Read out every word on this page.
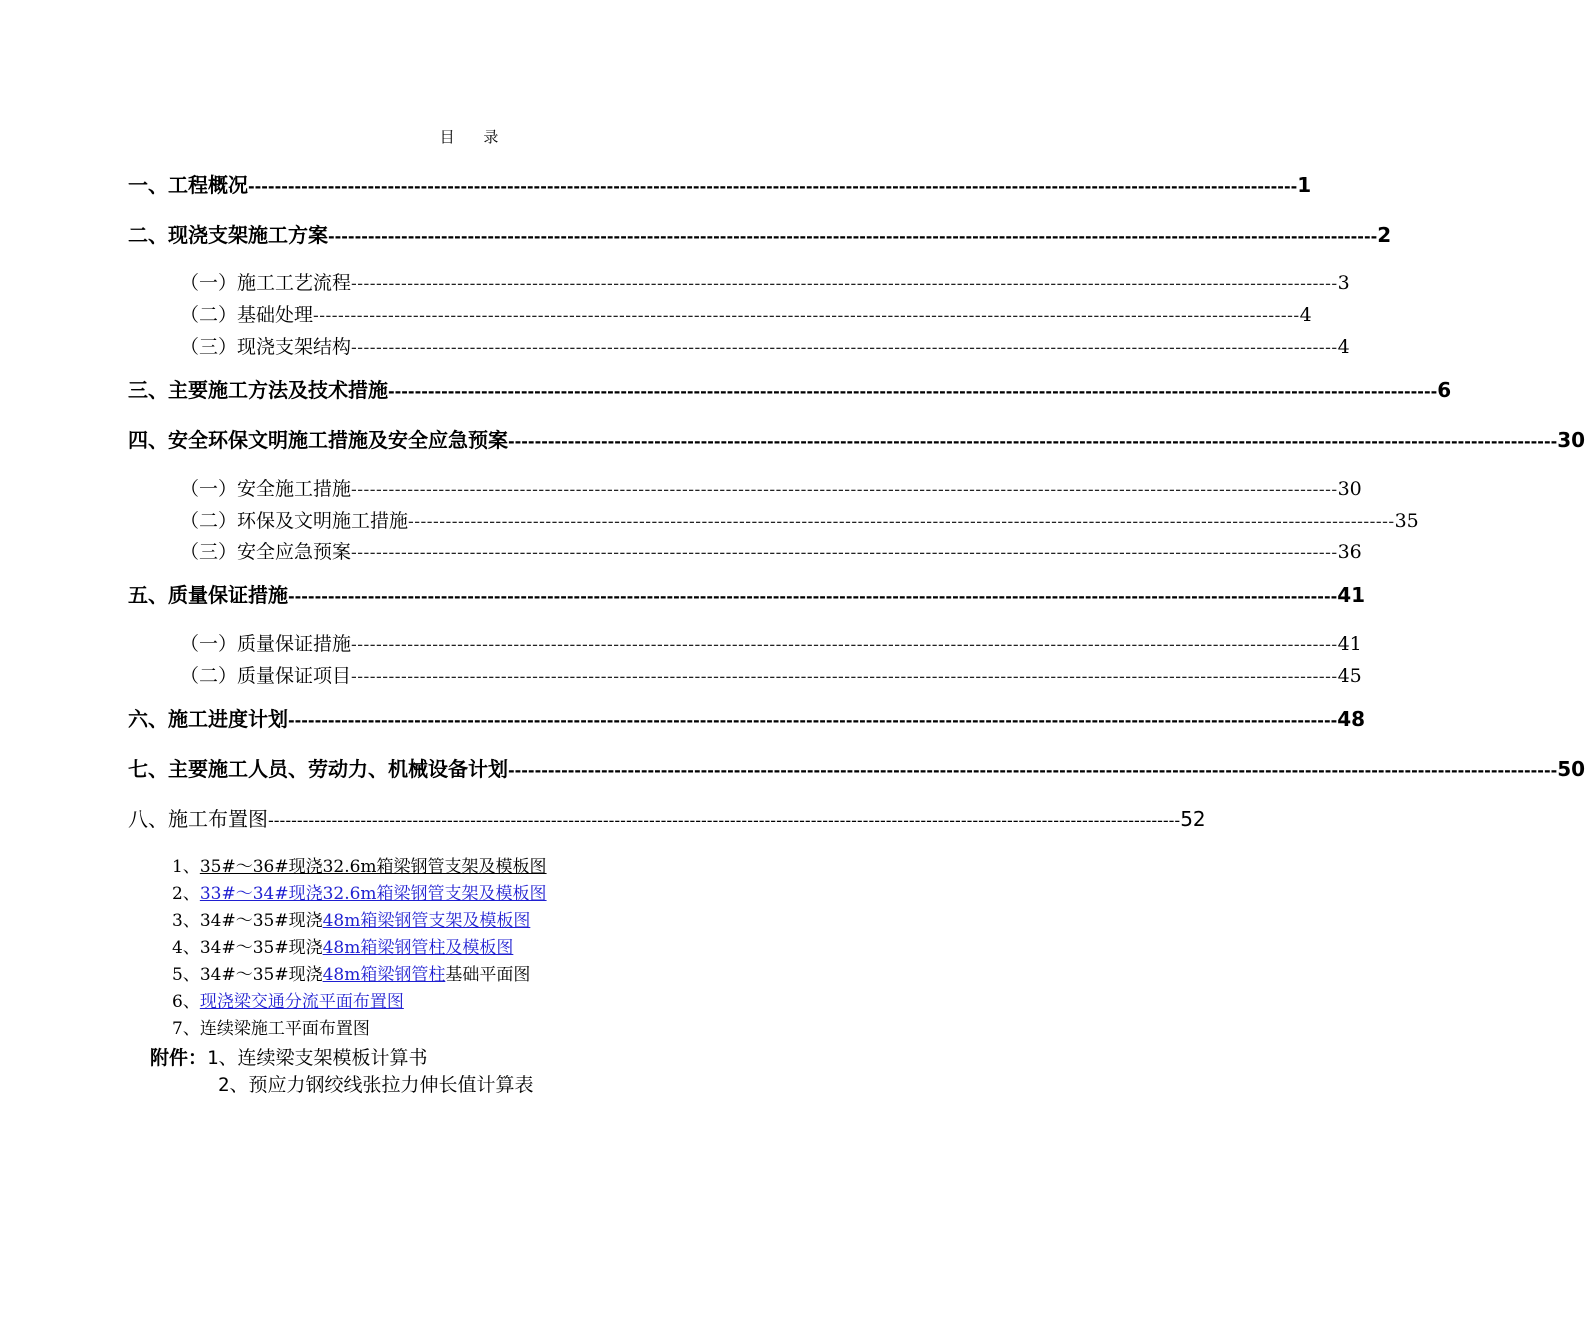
目 录
一、工程概况 -------------------------------------------------------------------------------------------------------------------------------------------------------------- 1
二、现浇支架施工方案 -------------------------------------------------------------------------------------------------------------------------------------------------------------- 2
（一）施工工艺流程 -------------------------------------------------------------------------------------------------------------------------------------------------------------- 3
（二）基础处理 -------------------------------------------------------------------------------------------------------------------------------------------------------------- 4
（三）现浇支架结构 -------------------------------------------------------------------------------------------------------------------------------------------------------------- 4
三、主要施工方法及技术措施 -------------------------------------------------------------------------------------------------------------------------------------------------------------- 6
四、安全环保文明施工措施及安全应急预案 -------------------------------------------------------------------------------------------------------------------------------------------------------------- 30
（一）安全施工措施 -------------------------------------------------------------------------------------------------------------------------------------------------------------- 30
（二）环保及文明施工措施 -------------------------------------------------------------------------------------------------------------------------------------------------------------- 35
（三）安全应急预案 -------------------------------------------------------------------------------------------------------------------------------------------------------------- 36
五、质量保证措施 -------------------------------------------------------------------------------------------------------------------------------------------------------------- 41
（一）质量保证措施 -------------------------------------------------------------------------------------------------------------------------------------------------------------- 41
（二）质量保证项目 -------------------------------------------------------------------------------------------------------------------------------------------------------------- 45
六、施工进度计划 -------------------------------------------------------------------------------------------------------------------------------------------------------------- 48
七、主要施工人员、劳动力、机械设备计划 -------------------------------------------------------------------------------------------------------------------------------------------------------------- 50
八、施工布置图 -------------------------------------------------------------------------------------------------------------------------------------------------------------- 52
1、35#～36#现浇32.6m箱梁钢管支架及模板图
2、33#～34#现浇32.6m箱梁钢管支架及模板图
3、34#～35#现浇48m箱梁钢管支架及模板图
4、34#～35#现浇48m箱梁钢管柱及模板图
5、34#～35#现浇48m箱梁钢管柱基础平面图
6、现浇梁交通分流平面布置图
7、连续梁施工平面布置图
附件：1、连续梁支架模板计算书
2、预应力钢绞线张拉力伸长值计算表
